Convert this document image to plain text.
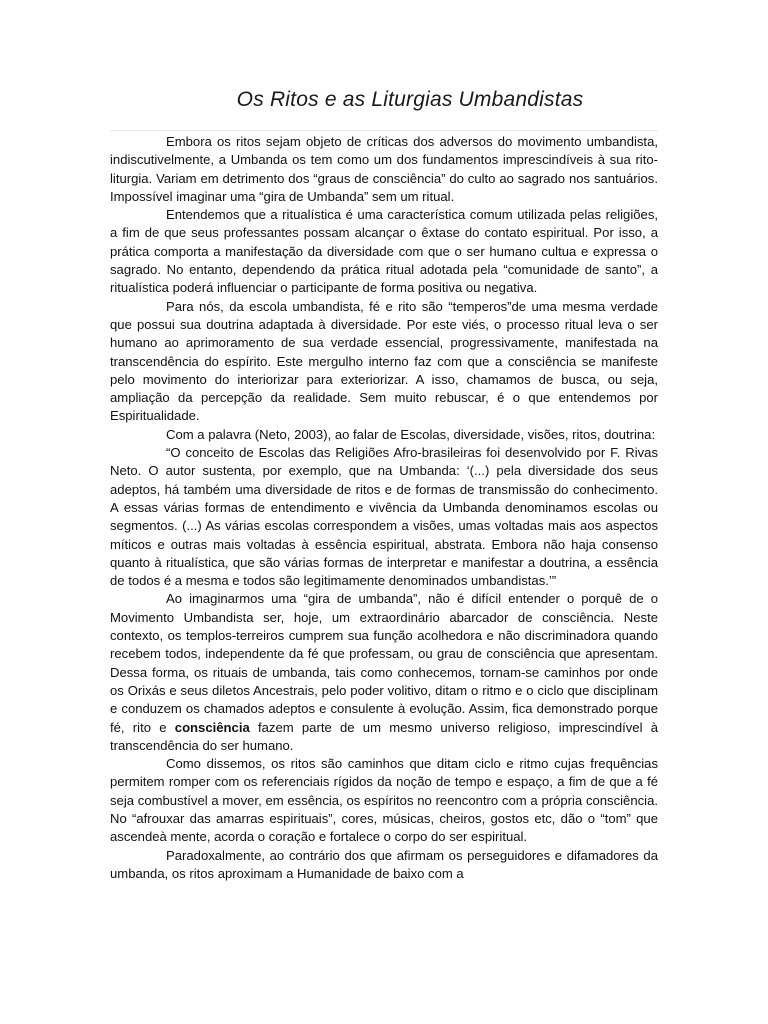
Os Ritos e as Liturgias Umbandistas

Embora os ritos sejam objeto de críticas dos adversos do movimento umbandista, indiscutivelmente, a Umbanda os tem como um dos fundamentos imprescindíveis à sua rito-liturgia. Variam em detrimento dos “graus de consciência” do culto ao sagrado nos santuários. Impossível imaginar uma “gira de Umbanda” sem um ritual.

Entendemos que a ritualística é uma característica comum utilizada pelas religiões, a fim de que seus professantes possam alcançar o êxtase do contato espiritual. Por isso, a prática comporta a manifestação da diversidade com que o ser humano cultua e expressa o sagrado. No entanto, dependendo da prática ritual adotada pela “comunidade de santo”, a ritualística poderá influenciar o participante de forma positiva ou negativa.

Para nós, da escola umbandista, fé e rito são “temperos”de uma mesma verdade que possui sua doutrina adaptada à diversidade. Por este viés, o processo ritual leva o ser humano ao aprimoramento de sua verdade essencial, progressivamente, manifestada na transcendência do espírito. Este mergulho interno faz com que a consciência se manifeste pelo movimento do interiorizar para exteriorizar. A isso, chamamos de busca, ou seja, ampliação da percepção da realidade. Sem muito rebuscar, é o que entendemos por Espiritualidade.

Com a palavra (Neto, 2003), ao falar de Escolas, diversidade, visões, ritos, doutrina:

“O conceito de Escolas das Religiões Afro-brasileiras foi desenvolvido por F. Rivas Neto. O autor sustenta, por exemplo, que na Umbanda: ‘(...) pela diversidade dos seus adeptos, há também uma diversidade de ritos e de formas de transmissão do conhecimento. A essas várias formas de entendimento e vivência da Umbanda denominamos escolas ou segmentos. (...) As várias escolas correspondem a visões, umas voltadas mais aos aspectos míticos e outras mais voltadas à essência espiritual, abstrata. Embora não haja consenso quanto à ritualística, que são várias formas de interpretar e manifestar a doutrina, a essência de todos é a mesma e todos são legitimamente denominados umbandistas.’”

Ao imaginarmos uma “gira de umbanda”, não é difícil entender o porquê de o Movimento Umbandista ser, hoje, um extraordinário abarcador de consciência. Neste contexto, os templos-terreiros cumprem sua função acolhedora e não discriminadora quando recebem todos, independente da fé que professam, ou grau de consciência que apresentam. Dessa forma, os rituais de umbanda, tais como conhecemos, tornam-se caminhos por onde os Orixás e seus diletos Ancestrais, pelo poder volitivo, ditam o ritmo e o ciclo que disciplinam e conduzem os chamados adeptos e consulente à evolução. Assim, fica demonstrado porque fé, rito e consciência fazem parte de um mesmo universo religioso, imprescindível à transcendência do ser humano.

Como dissemos, os ritos são caminhos que ditam ciclo e ritmo cujas frequências permitem romper com os referenciais rígidos da noção de tempo e espaço, a fim de que a fé seja combustível a mover, em essência, os espíritos no reencontro com a própria consciência. No “afrouxar das amarras espirituais”, cores, músicas, cheiros, gostos etc, dão o “tom” que ascendeà mente, acorda o coração e fortalece o corpo do ser espiritual.

Paradoxalmente, ao contrário dos que afirmam os perseguidores e difamadores da umbanda, os ritos aproximam a Humanidade de baixo com a
